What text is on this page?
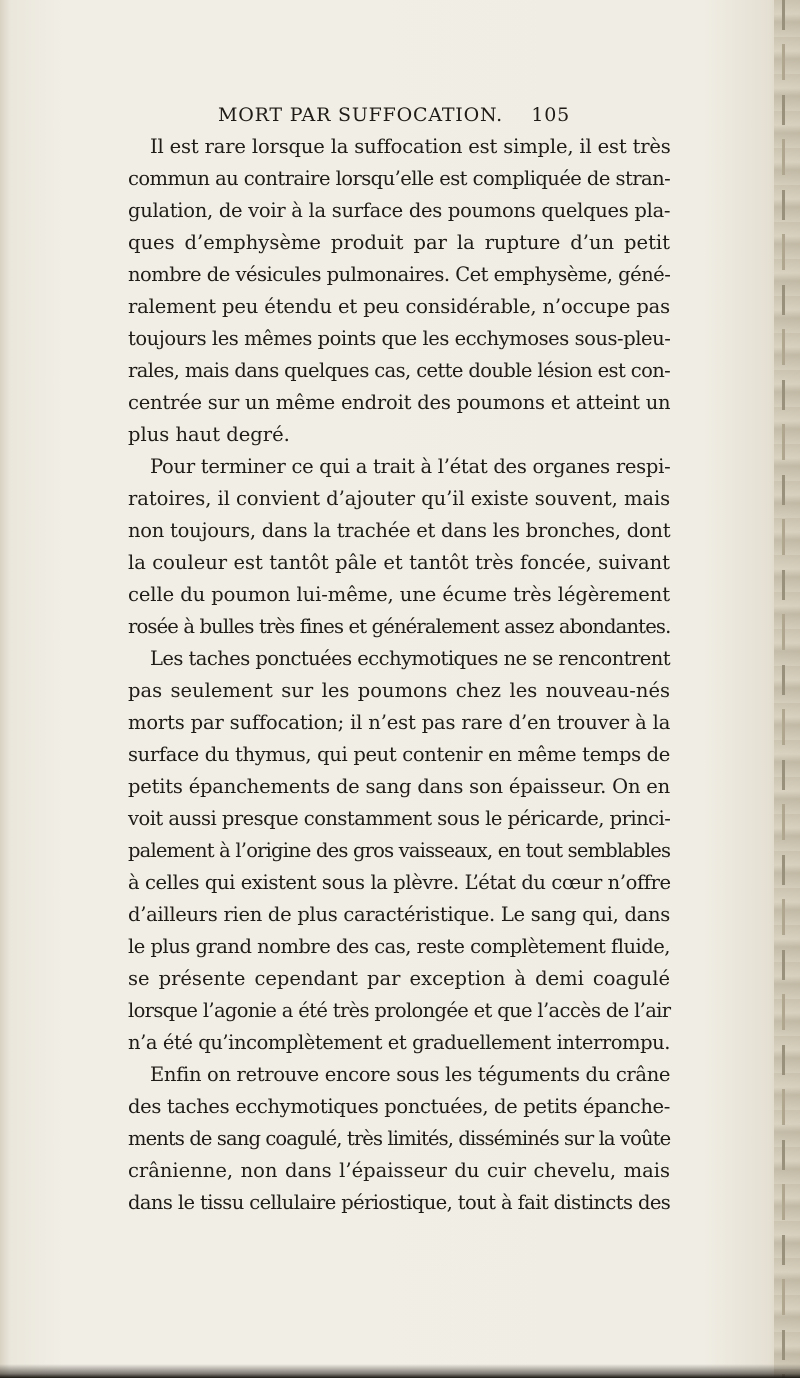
MORT PAR SUFFOCATION. 105
Il est rare lorsque la suffocation est simple, il est très
commun au contraire lorsqu’elle est compliquée de stran-
gulation, de voir à la surface des poumons quelques pla-
ques d’emphysème produit par la rupture d’un petit
nombre de vésicules pulmonaires. Cet emphysème, géné-
ralement peu étendu et peu considérable, n’occupe pas
toujours les mêmes points que les ecchymoses sous-pleu-
rales, mais dans quelques cas, cette double lésion est con-
centrée sur un même endroit des poumons et atteint un
plus haut degré.
Pour terminer ce qui a trait à l’état des organes respi-
ratoires, il convient d’ajouter qu’il existe souvent, mais
non toujours, dans la trachée et dans les bronches, dont
la couleur est tantôt pâle et tantôt très foncée, suivant
celle du poumon lui-même, une écume très légèrement
rosée à bulles très fines et généralement assez abondantes.
Les taches ponctuées ecchymotiques ne se rencontrent
pas seulement sur les poumons chez les nouveau-nés
morts par suffocation; il n’est pas rare d’en trouver à la
surface du thymus, qui peut contenir en même temps de
petits épanchements de sang dans son épaisseur. On en
voit aussi presque constamment sous le péricarde, princi-
palement à l’origine des gros vaisseaux, en tout semblables
à celles qui existent sous la plèvre. L’état du cœur n’offre
d’ailleurs rien de plus caractéristique. Le sang qui, dans
le plus grand nombre des cas, reste complètement fluide,
se présente cependant par exception à demi coagulé
lorsque l’agonie a été très prolongée et que l’accès de l’air
n’a été qu’incomplètement et graduellement interrompu.
Enfin on retrouve encore sous les téguments du crâne
des taches ecchymotiques ponctuées, de petits épanche-
ments de sang coagulé, très limités, disséminés sur la voûte
crânienne, non dans l’épaisseur du cuir chevelu, mais
dans le tissu cellulaire périostique, tout à fait distincts des
